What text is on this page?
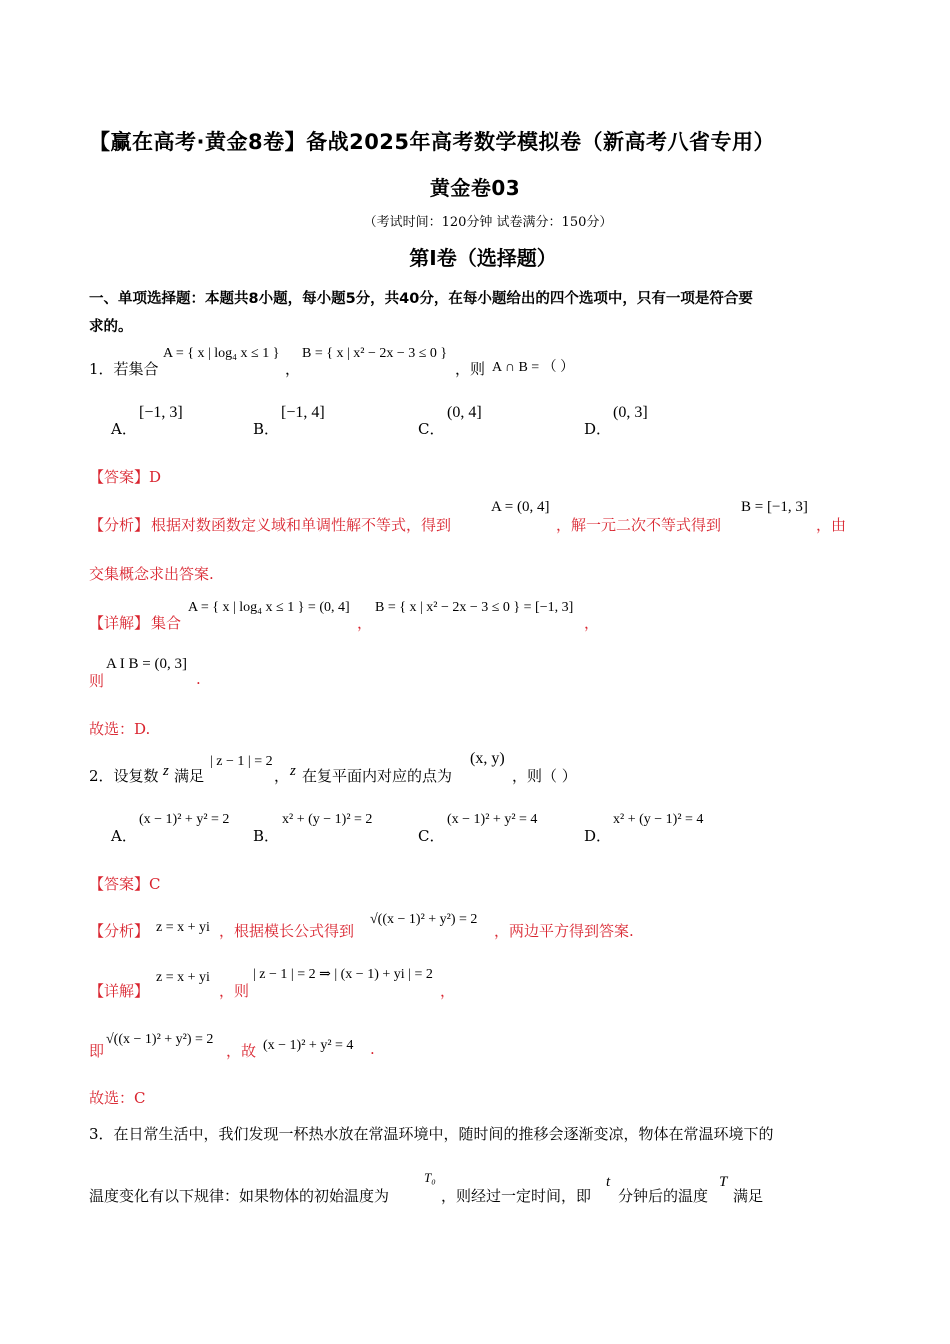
【赢在高考·黄金8卷】备战2025年高考数学模拟卷（新高考八省专用）
黄金卷03
（考试时间：120分钟 试卷满分：150分）
第I卷（选择题）
一、单项选择题：本题共8小题，每小题5分，共40分，在每小题给出的四个选项中，只有一项是符合要
求的。
1．若集合
A = { x | log₄ x ≤ 1 }
，
B = { x | x² − 2x − 3 ≤ 0 }
，则 A ∩ B = （ ）
A．
[−1, 3]
B．
[−1, 4]
C．
(0, 4]
D．
(0, 3]
【答案】D
【分析】 根据对数函数定义域和单调性解不等式，得到
A = (0, 4]
，解一元二次不等式得到
B = [−1, 3]
，由
交集概念求出答案.
【详解】 集合
A = { x | log₄ x ≤ 1 } = (0, 4]
，
B = { x | x² − 2x − 3 ≤ 0 } = [−1, 3]
，
则
A I B = (0, 3]
.
故选：D.
2．设复数 z 满足
| z − 1 | = 2
， z 在复平面内对应的点为
(x, y)
，则（ ）
A．
(x − 1)² + y² = 2
B．
x² + (y − 1)² = 2
C．
(x − 1)² + y² = 4
D．
x² + (y − 1)² = 4
【答案】C
【分析】 z = x + yi ，根据模长公式得到
√((x − 1)² + y²) = 2
，两边平方得到答案.
【详解】
z = x + yi
，则
| z − 1 | = 2 ⇒ | (x − 1) + yi | = 2
，
即
√((x − 1)² + y²) = 2
，故 (x − 1)² + y² = 4 .
故选：C
3．在日常生活中，我们发现一杯热水放在常温环境中，随时间的推移会逐渐变凉，物体在常温环境下的
温度变化有以下规律：如果物体的初始温度为
T₀
，则经过一定时间，即
t
分钟后的温度
T
满足
